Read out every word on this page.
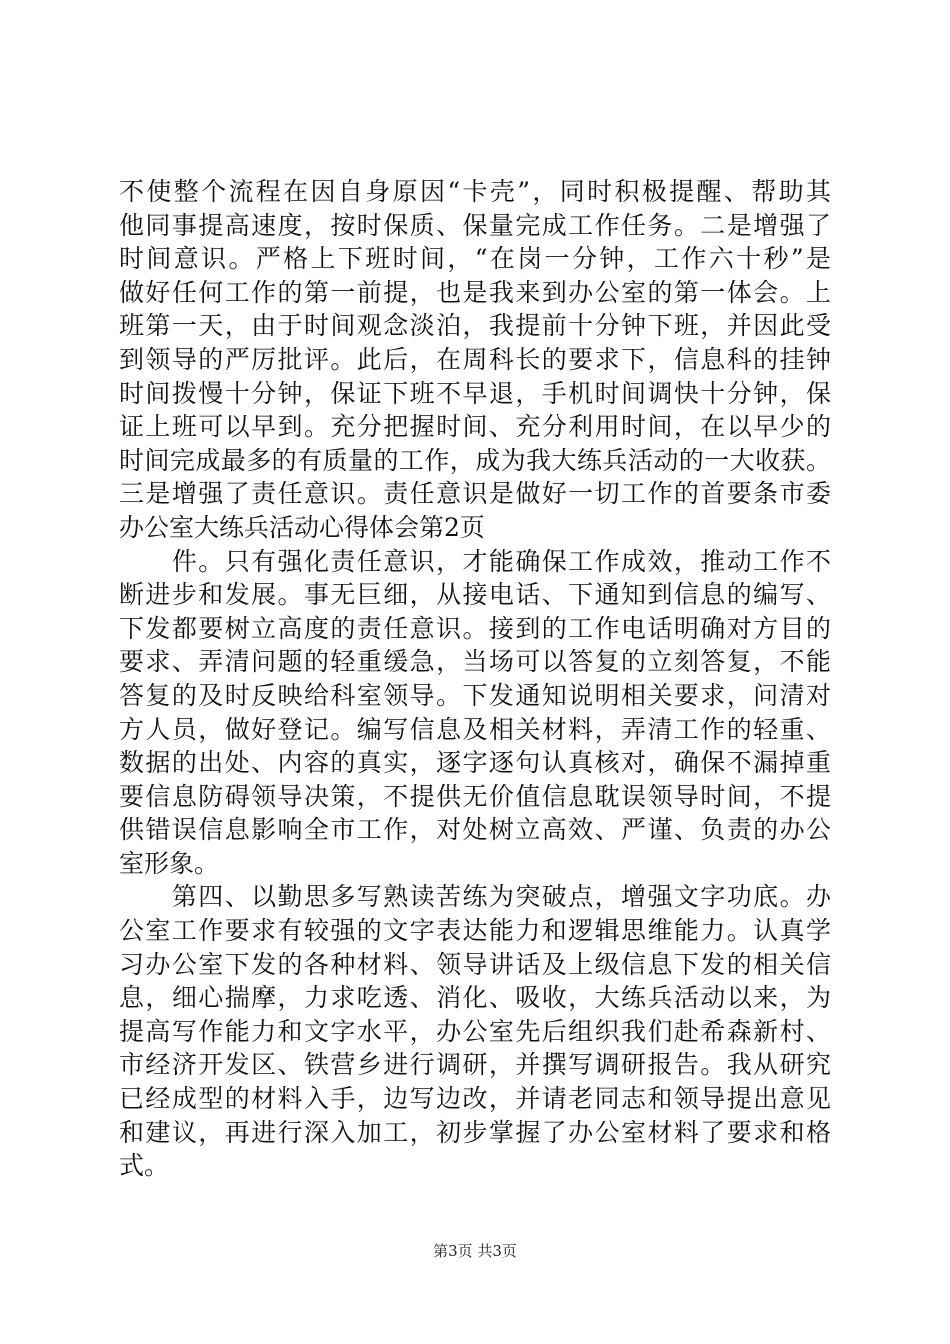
不使整个流程在因自身原因“卡壳”，同时积极提醒、帮助其
他同事提高速度，按时保质、保量完成工作任务。二是增强了
时间意识。严格上下班时间，“在岗一分钟，工作六十秒”是
做好任何工作的第一前提，也是我来到办公室的第一体会。上
班第一天，由于时间观念淡泊，我提前十分钟下班，并因此受
到领导的严厉批评。此后，在周科长的要求下，信息科的挂钟
时间拨慢十分钟，保证下班不早退，手机时间调快十分钟，保
证上班可以早到。充分把握时间、充分利用时间，在以早少的
时间完成最多的有质量的工作，成为我大练兵活动的一大收获。
三是增强了责任意识。责任意识是做好一切工作的首要条市委
办公室大练兵活动心得体会第2页
　　件。只有强化责任意识，才能确保工作成效，推动工作不
断进步和发展。事无巨细，从接电话、下通知到信息的编写、
下发都要树立高度的责任意识。接到的工作电话明确对方目的
要求、弄清问题的轻重缓急，当场可以答复的立刻答复，不能
答复的及时反映给科室领导。下发通知说明相关要求，问清对
方人员，做好登记。编写信息及相关材料，弄清工作的轻重、
数据的出处、内容的真实，逐字逐句认真核对，确保不漏掉重
要信息防碍领导决策，不提供无价值信息耽误领导时间，不提
供错误信息影响全市工作，对处树立高效、严谨、负责的办公
室形象。
　　第四、以勤思多写熟读苦练为突破点，增强文字功底。办
公室工作要求有较强的文字表达能力和逻辑思维能力。认真学
习办公室下发的各种材料、领导讲话及上级信息下发的相关信
息，细心揣摩，力求吃透、消化、吸收，大练兵活动以来，为
提高写作能力和文字水平，办公室先后组织我们赴希森新村、
市经济开发区、铁营乡进行调研，并撰写调研报告。我从研究
已经成型的材料入手，边写边改，并请老同志和领导提出意见
和建议，再进行深入加工，初步掌握了办公室材料了要求和格
式。
第3页 共3页
